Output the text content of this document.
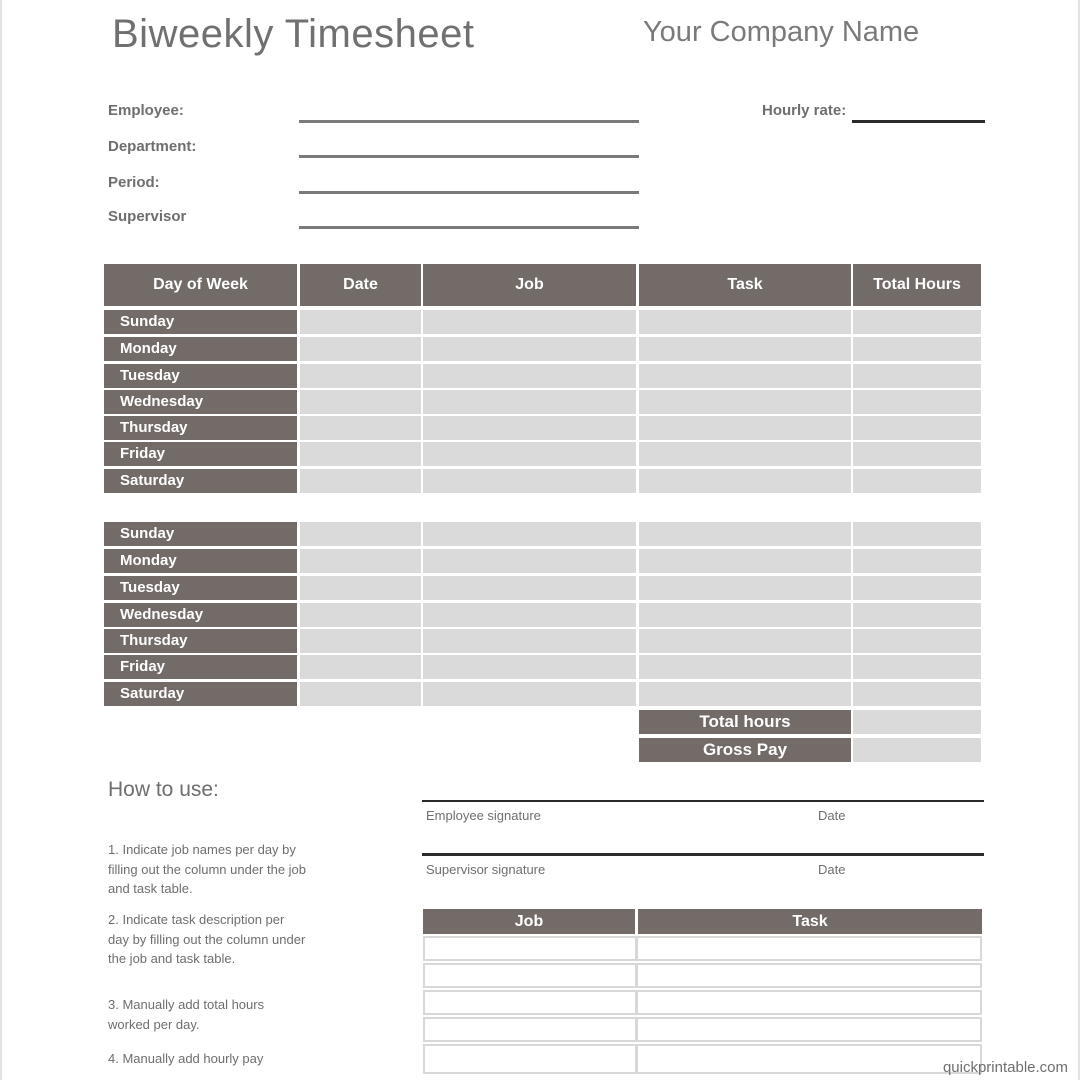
Biweekly Timesheet	Your Company Name
Employee:
Department:
Period:
Supervisor
Hourly rate:
Day of Week	Date	Job	Task	Total Hours
Sunday
Monday
Tuesday
Wednesday
Thursday
Friday
Saturday
Sunday
Monday
Tuesday
Wednesday
Thursday
Friday
Saturday
Total hours
Gross Pay
How to use:
1. Indicate job names per day by filling out the column under the job and task table.
2. Indicate task description per day by filling out the column under the job and task table.
3. Manually add total hours worked per day.
4. Manually add hourly pay
Employee signature	Date
Supervisor signature	Date
Job	Task
quickprintable.com
